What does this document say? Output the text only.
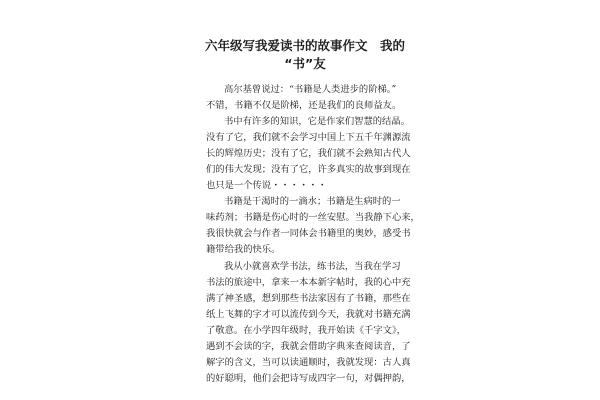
六年级写我爱读书的故事作文　我的
“书”友
高尔基曾说过：“书籍是人类进步的阶梯。”
不错，书籍不仅是阶梯，还是我们的良师益友。
书中有许多的知识，它是作家们智慧的结晶。
没有了它，我们就不会学习中国上下五千年渊源流
长的辉煌历史；没有了它，我们就不会熟知古代人
们的伟大发现；没有了它，许多真实的故事到现在
也只是一个传说・・・・・・
书籍是干渴时的一滴水；书籍是生病时的一
味药剂；书籍是伤心时的一丝安慰。当我静下心来，
我很快就会与作者一同体会书籍里的奥妙，感受书
籍带给我的快乐。
我从小就喜欢学书法，练书法，当我在学习
书法的旅途中，拿来一本本新字帖时，我的心中充
满了神圣感，想到那些书法家因有了书籍，那些在
纸上飞舞的字才可以流传到今天，我就对书籍充满
了敬意。在小学四年级时，我开始读《千字文》，
遇到不会读的字，我就会借助字典来查阅读音，了
解字的含义，当可以读通顺时，我就发现：古人真
的好聪明，他们会把诗写成四字一句，对偶押韵，
